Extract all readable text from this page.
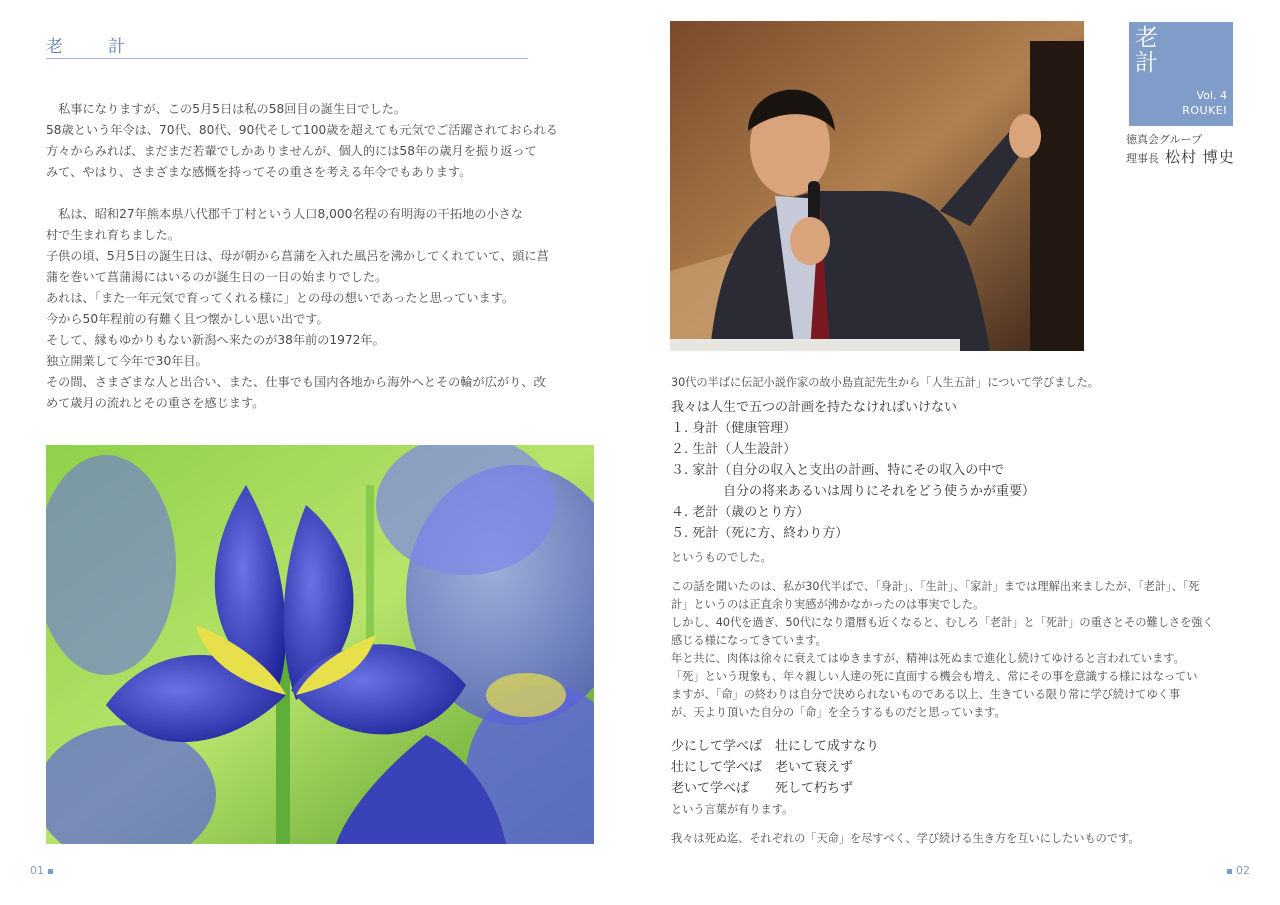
老　計

　私事になりますが、この5月5日は私の58回目の誕生日でした。

58歳という年令は、70代、80代、90代そして100歳を超えても元気でご活躍されておられる

方々からみれば、まだまだ若輩でしかありませんが、個人的には58年の歳月を振り返って

みて、やはり、さまざまな感慨を持ってその重さを考える年令でもあります。

　私は、昭和27年熊本県八代郡千丁村という人口8,000名程の有明海の干拓地の小さな

村で生まれ育ちました。

子供の頃、5月5日の誕生日は、母が朝から菖蒲を入れた風呂を沸かしてくれていて、頭に菖

蒲を巻いて菖蒲湯にはいるのが誕生日の一日の始まりでした。

あれは、「また一年元気で育ってくれる様に」との母の想いであったと思っています。

今から50年程前の有難く且つ懐かしい思い出です。

そして、縁もゆかりもない新潟へ来たのが38年前の1972年。

独立開業して今年で30年目。

その間、さまざまな人と出合い、また、仕事でも国内各地から海外へとその輪が広がり、改

めて歳月の流れとその重さを感じます。

01
老
計
Vol. 4
ROUKEI
徳真会グループ
理事長 松村 博史

30代の半ばに伝記小説作家の故小島直記先生から「人生五計」について学びました。

我々は人生で五つの計画を持たなければいけない

１. 身計（健康管理）

２. 生計（人生設計）

３. 家計（自分の収入と支出の計画、特にその収入の中で

　　　　自分の将来あるいは周りにそれをどう使うかが重要）

４. 老計（歳のとり方）

５. 死計（死に方、終わり方）

というものでした。

この話を聞いたのは、私が30代半ばで、「身計」、「生計」、「家計」までは理解出来ましたが、「老計」、「死

計」というのは正直余り実感が沸かなかったのは事実でした。

しかし、40代を過ぎ、50代になり還暦も近くなると、むしろ「老計」と「死計」の重さとその難しさを強く

感じる様になってきています。

年と共に、肉体は徐々に衰えてはゆきますが、精神は死ぬまで進化し続けてゆけると言われています。

「死」という現象も、年々親しい人達の死に直面する機会も増え、常にその事を意識する様にはなってい

ますが、「命」の終わりは自分で決められないものである以上、生きている限り常に学び続けてゆく事

が、天より頂いた自分の「命」を全うするものだと思っています。

少にして学べば　壮にして成すなり

壮にして学べば　老いて衰えず

老いて学べば　　死して朽ちず

という言葉が有ります。

我々は死ぬ迄、それぞれの「天命」を尽すべく、学び続ける生き方を互いにしたいものです。

02
